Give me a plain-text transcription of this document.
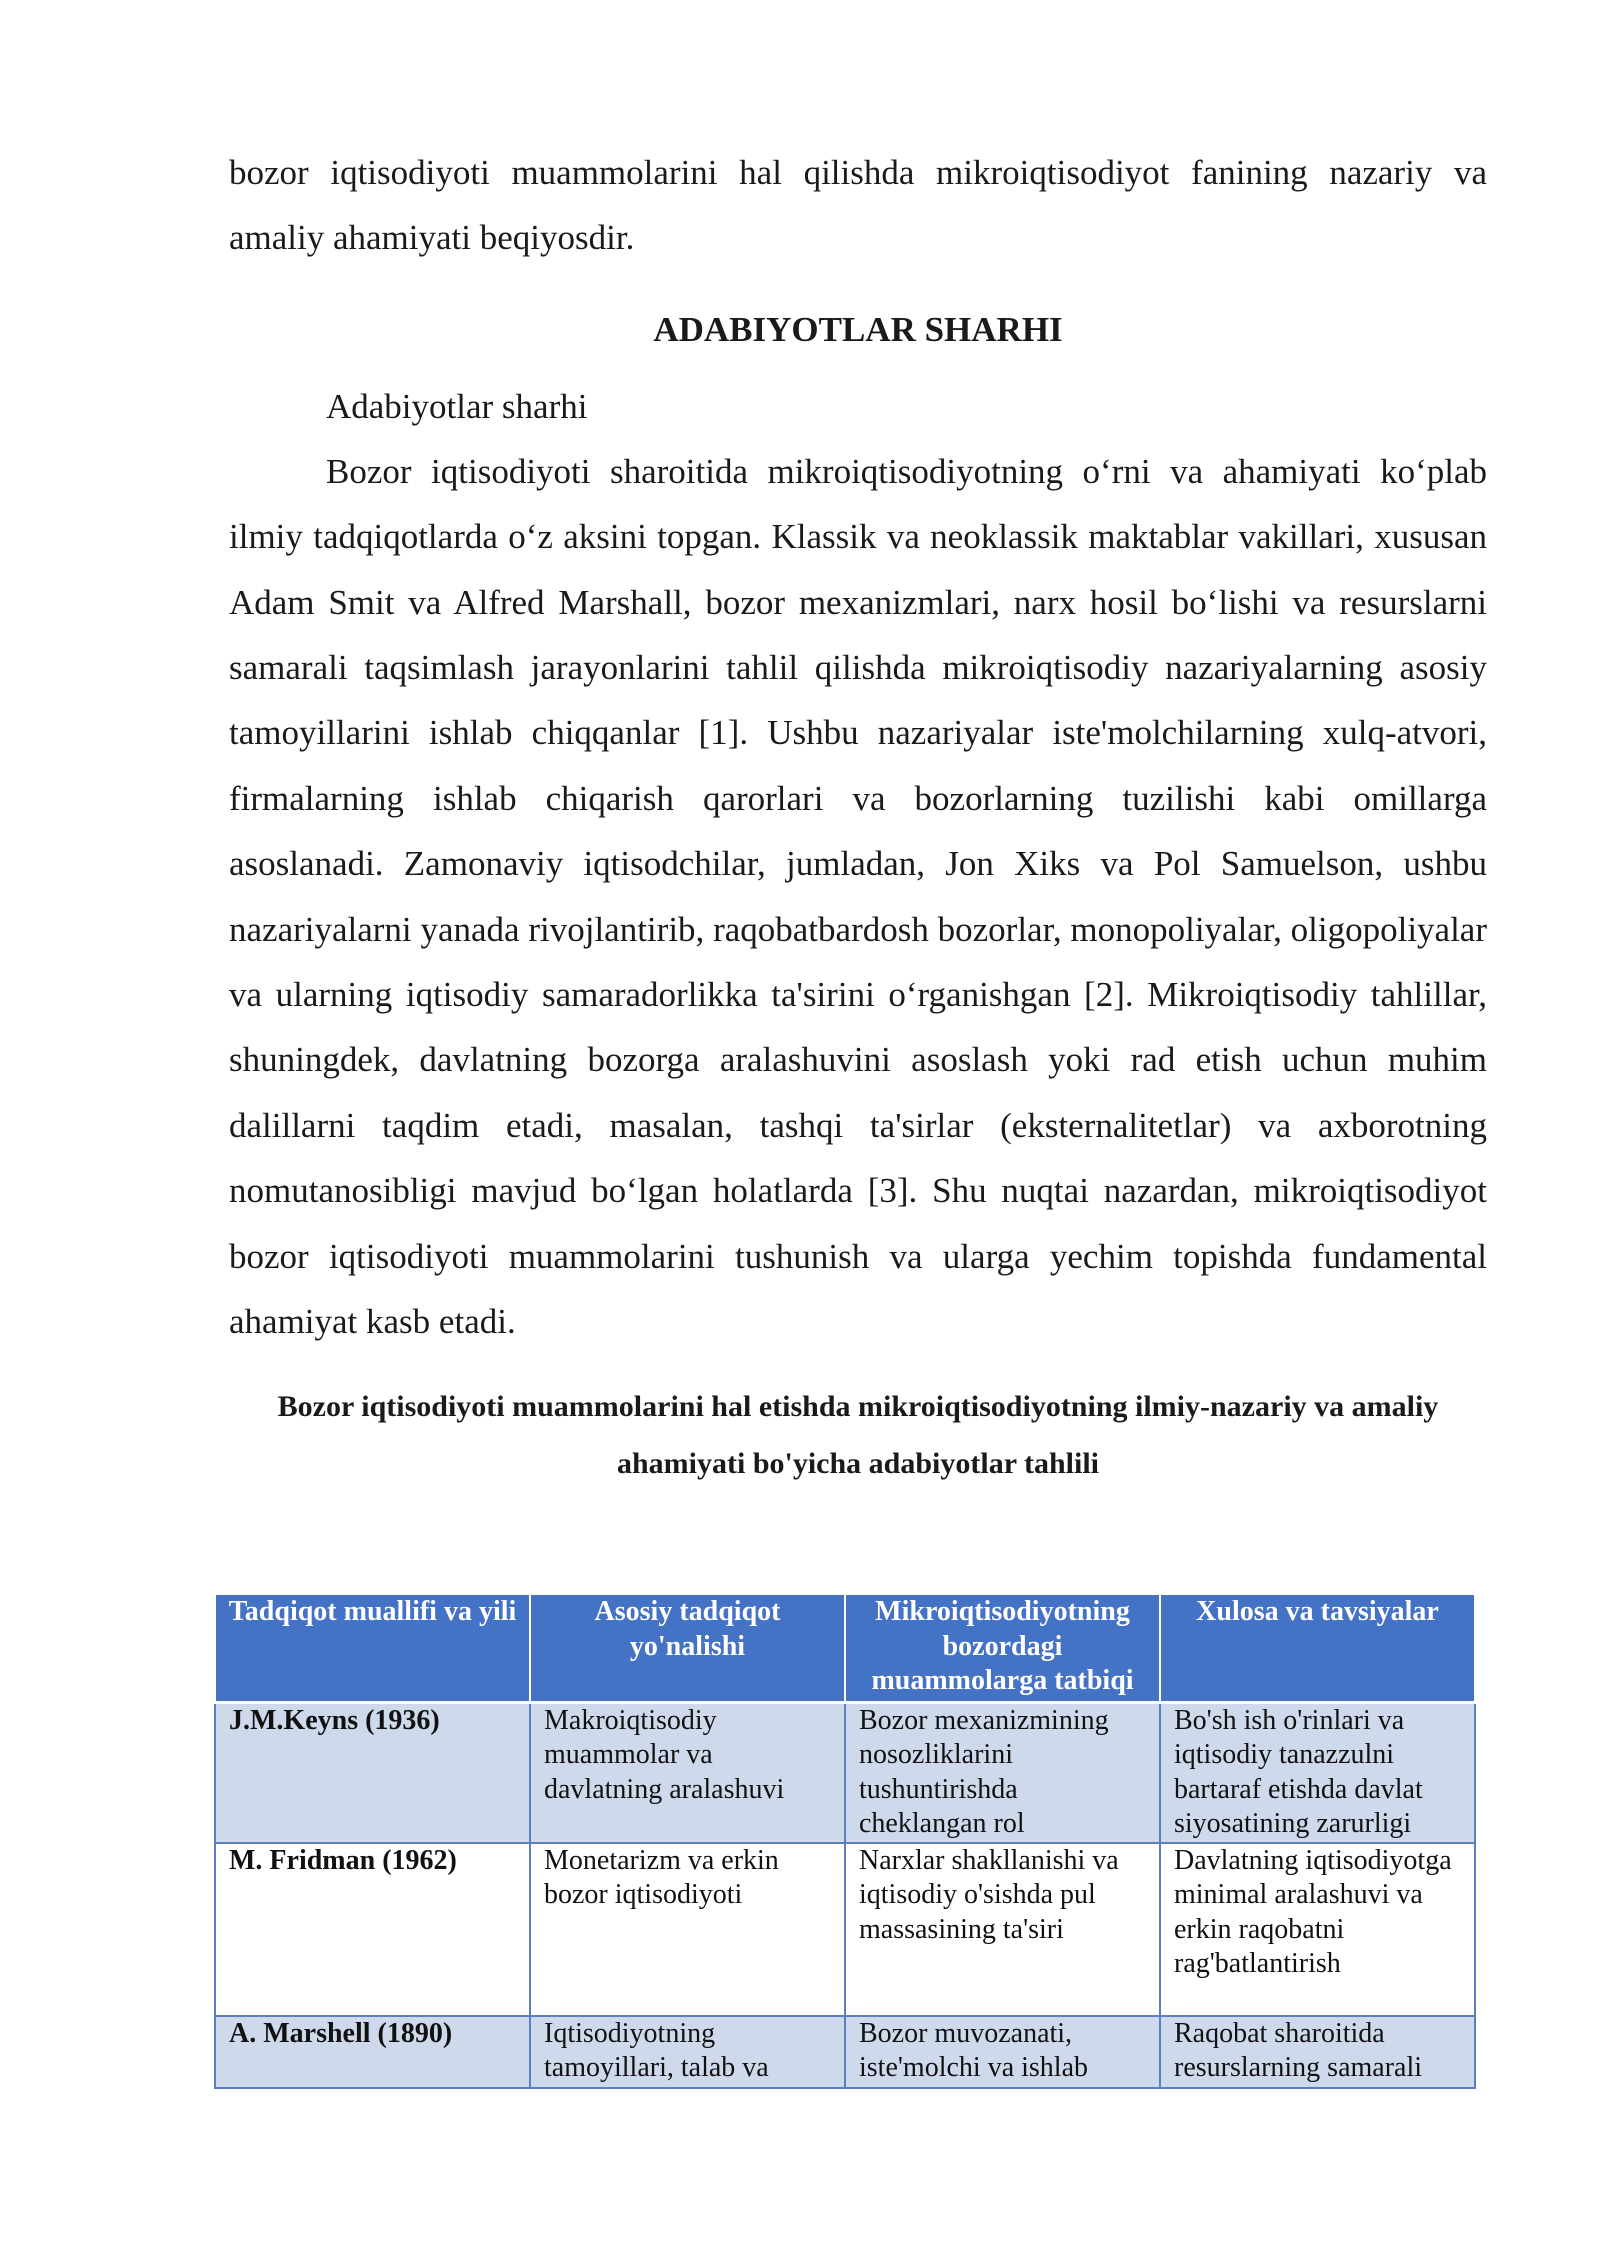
bozor iqtisodiyoti muammolarini hal qilishda mikroiqtisodiyot fanining nazariy va amaliy ahamiyati beqiyosdir.

ADABIYOTLAR SHARHI

Adabiyotlar sharhi

Bozor iqtisodiyoti sharoitida mikroiqtisodiyotning o‘rni va ahamiyati ko‘plab ilmiy tadqiqotlarda o‘z aksini topgan. Klassik va neoklassik maktablar vakillari, xususan Adam Smit va Alfred Marshall, bozor mexanizmlari, narx hosil bo‘lishi va resurslarni samarali taqsimlash jarayonlarini tahlil qilishda mikroiqtisodiy nazariyalarning asosiy tamoyillarini ishlab chiqqanlar [1]. Ushbu nazariyalar iste'molchilarning xulq-atvori, firmalarning ishlab chiqarish qarorlari va bozorlarning tuzilishi kabi omillarga asoslanadi. Zamonaviy iqtisodchilar, jumladan, Jon Xiks va Pol Samuelson, ushbu nazariyalarni yanada rivojlantirib, raqobatbardosh bozorlar, monopoliyalar, oligopoliyalar va ularning iqtisodiy samaradorlikka ta'sirini o‘rganishgan [2]. Mikroiqtisodiy tahlillar, shuningdek, davlatning bozorga aralashuvini asoslash yoki rad etish uchun muhim dalillarni taqdim etadi, masalan, tashqi ta'sirlar (eksternalitetlar) va axborotning nomutanosibligi mavjud bo‘lgan holatlarda [3]. Shu nuqtai nazardan, mikroiqtisodiyot bozor iqtisodiyoti muammolarini tushunish va ularga yechim topishda fundamental ahamiyat kasb etadi.

Bozor iqtisodiyoti muammolarini hal etishda mikroiqtisodiyotning ilmiy-nazariy va amaliy ahamiyati bo'yicha adabiyotlar tahlili

Tadqiqot muallifi va yili	Asosiy tadqiqot yo'nalishi	Mikroiqtisodiyotning bozordagi muammolarga tatbiqi	Xulosa va tavsiyalar
J.M.Keyns (1936)	Makroiqtisodiy muammolar va davlatning aralashuvi	Bozor mexanizmining nosozliklarini tushuntirishda cheklangan rol	Bo'sh ish o'rinlari va iqtisodiy tanazzulni bartaraf etishda davlat siyosatining zarurligi
M. Fridman (1962)	Monetarizm va erkin bozor iqtisodiyoti	Narxlar shakllanishi va iqtisodiy o'sishda pul massasining ta'siri	Davlatning iqtisodiyotga minimal aralashuvi va erkin raqobatni rag'batlantirish

A. Marshell (1890)	Iqtisodiyotning tamoyillari, talab va	Bozor muvozanati, iste'molchi va ishlab	Raqobat sharoitida resurslarning samarali
